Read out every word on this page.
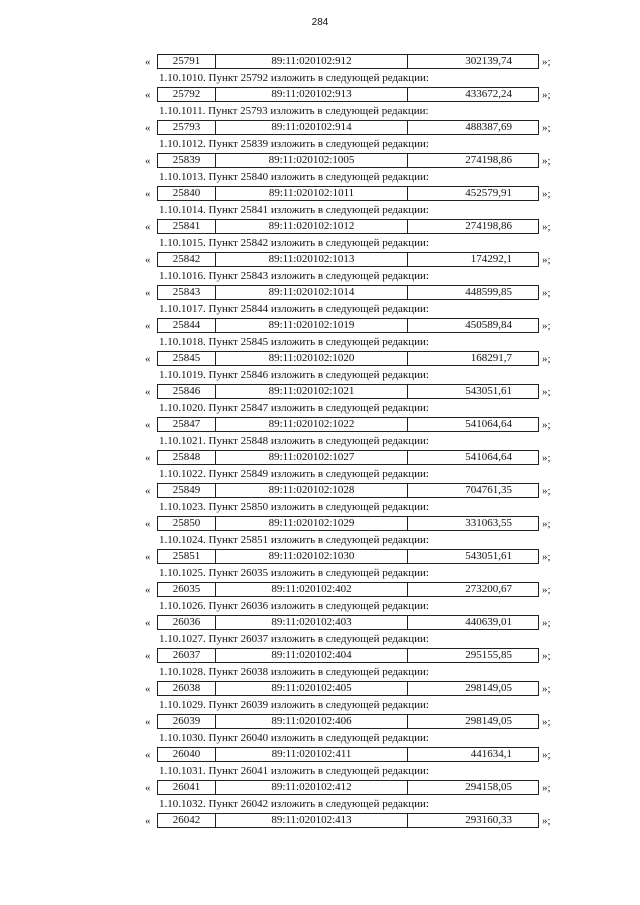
284
«	25791	89:11:020102:912	302139,74	»;
1.10.1010. Пункт 25792 изложить в следующей редакции:
«	25792	89:11:020102:913	433672,24	»;
1.10.1011. Пункт 25793 изложить в следующей редакции:
«	25793	89:11:020102:914	488387,69	»;
1.10.1012. Пункт 25839 изложить в следующей редакции:
«	25839	89:11:020102:1005	274198,86	»;
1.10.1013. Пункт 25840 изложить в следующей редакции:
«	25840	89:11:020102:1011	452579,91	»;
1.10.1014. Пункт 25841 изложить в следующей редакции:
«	25841	89:11:020102:1012	274198,86	»;
1.10.1015. Пункт 25842 изложить в следующей редакции:
«	25842	89:11:020102:1013	174292,1	»;
1.10.1016. Пункт 25843 изложить в следующей редакции:
«	25843	89:11:020102:1014	448599,85	»;
1.10.1017. Пункт 25844 изложить в следующей редакции:
«	25844	89:11:020102:1019	450589,84	»;
1.10.1018. Пункт 25845 изложить в следующей редакции:
«	25845	89:11:020102:1020	168291,7	»;
1.10.1019. Пункт 25846 изложить в следующей редакции:
«	25846	89:11:020102:1021	543051,61	»;
1.10.1020. Пункт 25847 изложить в следующей редакции:
«	25847	89:11:020102:1022	541064,64	»;
1.10.1021. Пункт 25848 изложить в следующей редакции:
«	25848	89:11:020102:1027	541064,64	»;
1.10.1022. Пункт 25849 изложить в следующей редакции:
«	25849	89:11:020102:1028	704761,35	»;
1.10.1023. Пункт 25850 изложить в следующей редакции:
«	25850	89:11:020102:1029	331063,55	»;
1.10.1024. Пункт 25851 изложить в следующей редакции:
«	25851	89:11:020102:1030	543051,61	»;
1.10.1025. Пункт 26035 изложить в следующей редакции:
«	26035	89:11:020102:402	273200,67	»;
1.10.1026. Пункт 26036 изложить в следующей редакции:
«	26036	89:11:020102:403	440639,01	»;
1.10.1027. Пункт 26037 изложить в следующей редакции:
«	26037	89:11:020102:404	295155,85	»;
1.10.1028. Пункт 26038 изложить в следующей редакции:
«	26038	89:11:020102:405	298149,05	»;
1.10.1029. Пункт 26039 изложить в следующей редакции:
«	26039	89:11:020102:406	298149,05	»;
1.10.1030. Пункт 26040 изложить в следующей редакции:
«	26040	89:11:020102:411	441634,1	»;
1.10.1031. Пункт 26041 изложить в следующей редакции:
«	26041	89:11:020102:412	294158,05	»;
1.10.1032. Пункт 26042 изложить в следующей редакции:
«	26042	89:11:020102:413	293160,33	»;
